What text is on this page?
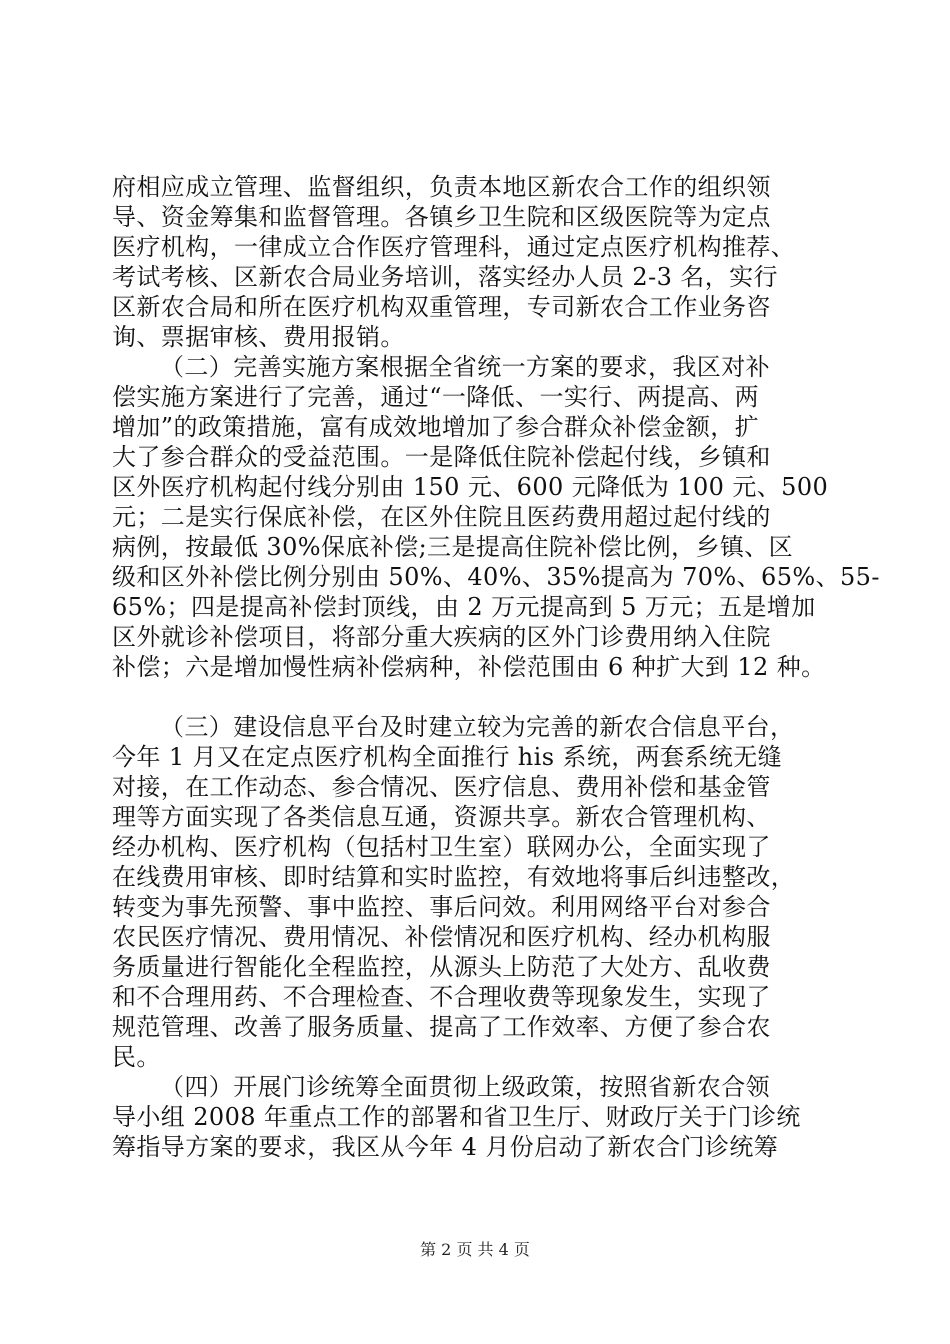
府相应成立管理、监督组织，负责本地区新农合工作的组织领
导、资金筹集和监督管理。各镇乡卫生院和区级医院等为定点
医疗机构，一律成立合作医疗管理科，通过定点医疗机构推荐、
考试考核、区新农合局业务培训，落实经办人员 2-3 名，实行
区新农合局和所在医疗机构双重管理，专司新农合工作业务咨
询、票据审核、费用报销。
（二）完善实施方案根据全省统一方案的要求，我区对补
偿实施方案进行了完善，通过“一降低、一实行、两提高、两
增加”的政策措施，富有成效地增加了参合群众补偿金额，扩
大了参合群众的受益范围。一是降低住院补偿起付线，乡镇和
区外医疗机构起付线分别由 150 元、600 元降低为 100 元、500
元；二是实行保底补偿，在区外住院且医药费用超过起付线的
病例，按最低 30%保底补偿;三是提高住院补偿比例，乡镇、区
级和区外补偿比例分别由 50%、40%、35%提高为 70%、65%、55-
65%；四是提高补偿封顶线，由 2 万元提高到 5 万元；五是增加
区外就诊补偿项目，将部分重大疾病的区外门诊费用纳入住院
补偿；六是增加慢性病补偿病种，补偿范围由 6 种扩大到 12 种。
（三）建设信息平台及时建立较为完善的新农合信息平台，
今年 1 月又在定点医疗机构全面推行 his 系统，两套系统无缝
对接，在工作动态、参合情况、医疗信息、费用补偿和基金管
理等方面实现了各类信息互通，资源共享。新农合管理机构、
经办机构、医疗机构（包括村卫生室）联网办公，全面实现了
在线费用审核、即时结算和实时监控，有效地将事后纠违整改，
转变为事先预警、事中监控、事后问效。利用网络平台对参合
农民医疗情况、费用情况、补偿情况和医疗机构、经办机构服
务质量进行智能化全程监控，从源头上防范了大处方、乱收费
和不合理用药、不合理检查、不合理收费等现象发生，实现了
规范管理、改善了服务质量、提高了工作效率、方便了参合农
民。
（四）开展门诊统筹全面贯彻上级政策，按照省新农合领
导小组 2008 年重点工作的部署和省卫生厅、财政厅关于门诊统
筹指导方案的要求，我区从今年 4 月份启动了新农合门诊统筹
第 2 页 共 4 页
